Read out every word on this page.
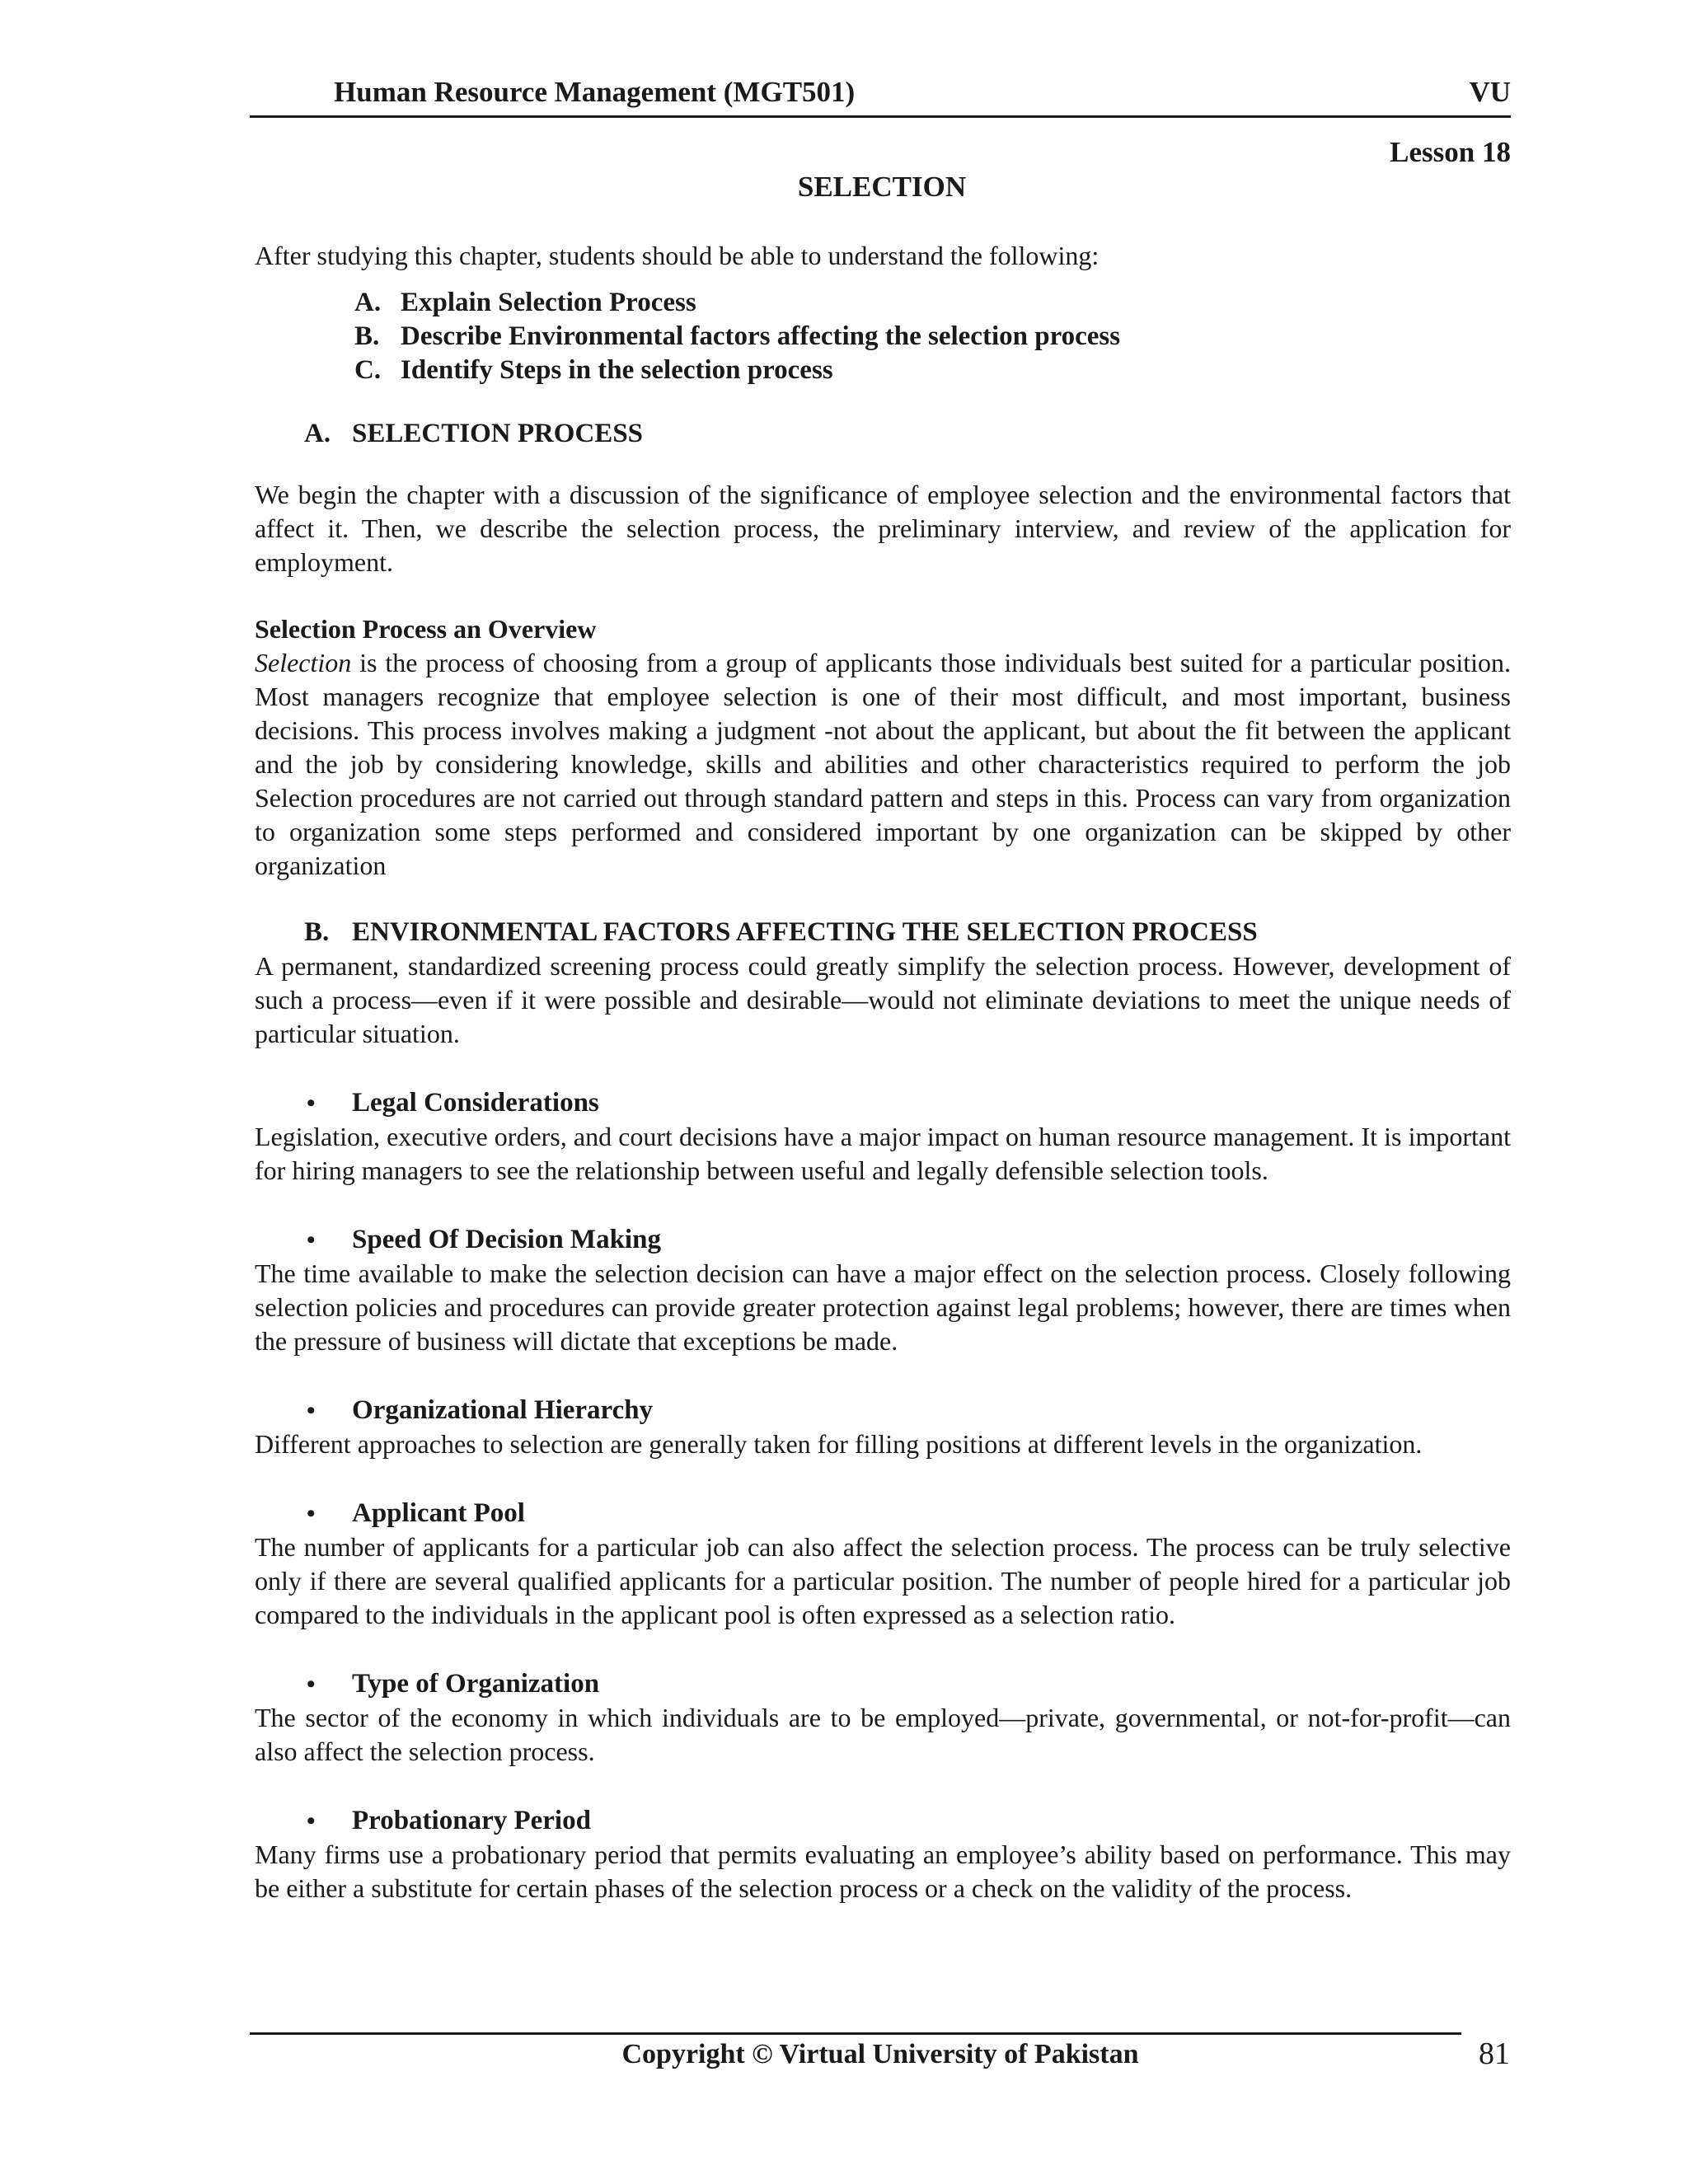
Human Resource Management (MGT501)	VU
Lesson 18
SELECTION

After studying this chapter, students should be able to understand the following:

A. Explain Selection Process
B. Describe Environmental factors affecting the selection process
C. Identify Steps in the selection process
A. SELECTION PROCESS

We begin the chapter with a discussion of the significance of employee selection and the environmental factors that affect it. Then, we describe the selection process, the preliminary interview, and review of the application for employment.

Selection Process an Overview

Selection is the process of choosing from a group of applicants those individuals best suited for a particular position. Most managers recognize that employee selection is one of their most difficult, and most important, business decisions. This process involves making a judgment -not about the applicant, but about the fit between the applicant and the job by considering knowledge, skills and abilities and other characteristics required to perform the job Selection procedures are not carried out through standard pattern and steps in this. Process can vary from organization to organization some steps performed and considered important by one organization can be skipped by other organization

B. ENVIRONMENTAL FACTORS AFFECTING THE SELECTION PROCESS

A permanent, standardized screening process could greatly simplify the selection process. However, development of such a process—even if it were possible and desirable—would not eliminate deviations to meet the unique needs of particular situation.

•	Legal Considerations

Legislation, executive orders, and court decisions have a major impact on human resource management. It is important for hiring managers to see the relationship between useful and legally defensible selection tools.

•	Speed Of Decision Making

The time available to make the selection decision can have a major effect on the selection process. Closely following selection policies and procedures can provide greater protection against legal problems; however, there are times when the pressure of business will dictate that exceptions be made.

•	Organizational Hierarchy

Different approaches to selection are generally taken for filling positions at different levels in the organization.

•	Applicant Pool

The number of applicants for a particular job can also affect the selection process. The process can be truly selective only if there are several qualified applicants for a particular position. The number of people hired for a particular job compared to the individuals in the applicant pool is often expressed as a selection ratio.

•	Type of Organization

The sector of the economy in which individuals are to be employed—private, governmental, or not-for-profit—can also affect the selection process.

•	Probationary Period

Many firms use a probationary period that permits evaluating an employee’s ability based on performance. This may be either a substitute for certain phases of the selection process or a check on the validity of the process.

Copyright © Virtual University of Pakistan	81
